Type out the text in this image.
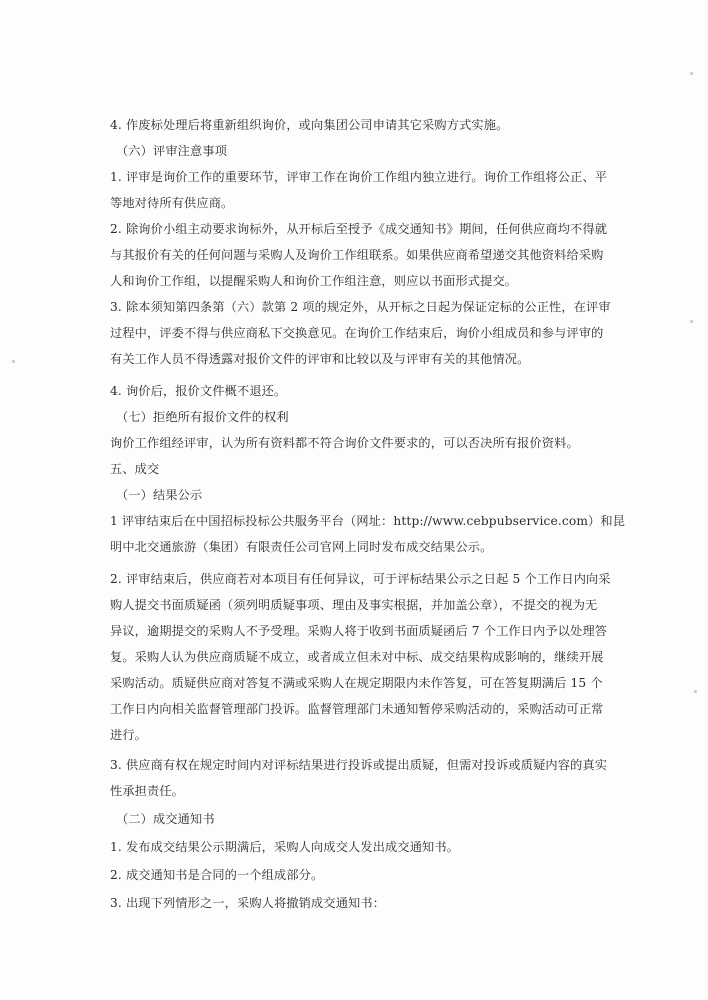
4. 作废标处理后将重新组织询价，或向集团公司申请其它采购方式实施。
（六）评审注意事项
1. 评审是询价工作的重要环节，评审工作在询价工作组内独立进行。询价工作组将公正、平
等地对待所有供应商。
2. 除询价小组主动要求询标外，从开标后至授予《成交通知书》期间，任何供应商均不得就
与其报价有关的任何问题与采购人及询价工作组联系。如果供应商希望递交其他资料给采购
人和询价工作组，以提醒采购人和询价工作组注意，则应以书面形式提交。
3. 除本须知第四条第（六）款第 2 项的规定外，从开标之日起为保证定标的公正性，在评审
过程中，评委不得与供应商私下交换意见。在询价工作结束后，询价小组成员和参与评审的
有关工作人员不得透露对报价文件的评审和比较以及与评审有关的其他情况。
4. 询价后，报价文件概不退还。
（七）拒绝所有报价文件的权利
询价工作组经评审，认为所有资料都不符合询价文件要求的，可以否决所有报价资料。
五、成交
（一）结果公示
1 评审结束后在中国招标投标公共服务平台（网址：http://www.cebpubservice.com）和昆
明中北交通旅游（集团）有限责任公司官网上同时发布成交结果公示。
2. 评审结束后，供应商若对本项目有任何异议，可于评标结果公示之日起 5 个工作日内向采
购人提交书面质疑函（须列明质疑事项、理由及事实根据，并加盖公章），不提交的视为无
异议，逾期提交的采购人不予受理。采购人将于收到书面质疑函后 7 个工作日内予以处理答
复。采购人认为供应商质疑不成立，或者成立但未对中标、成交结果构成影响的，继续开展
采购活动。质疑供应商对答复不满或采购人在规定期限内未作答复，可在答复期满后 15 个
工作日内向相关监督管理部门投诉。监督管理部门未通知暂停采购活动的，采购活动可正常
进行。
3. 供应商有权在规定时间内对评标结果进行投诉或提出质疑，但需对投诉或质疑内容的真实
性承担责任。
（二）成交通知书
1. 发布成交结果公示期满后，采购人向成交人发出成交通知书。
2. 成交通知书是合同的一个组成部分。
3. 出现下列情形之一，采购人将撤销成交通知书：
